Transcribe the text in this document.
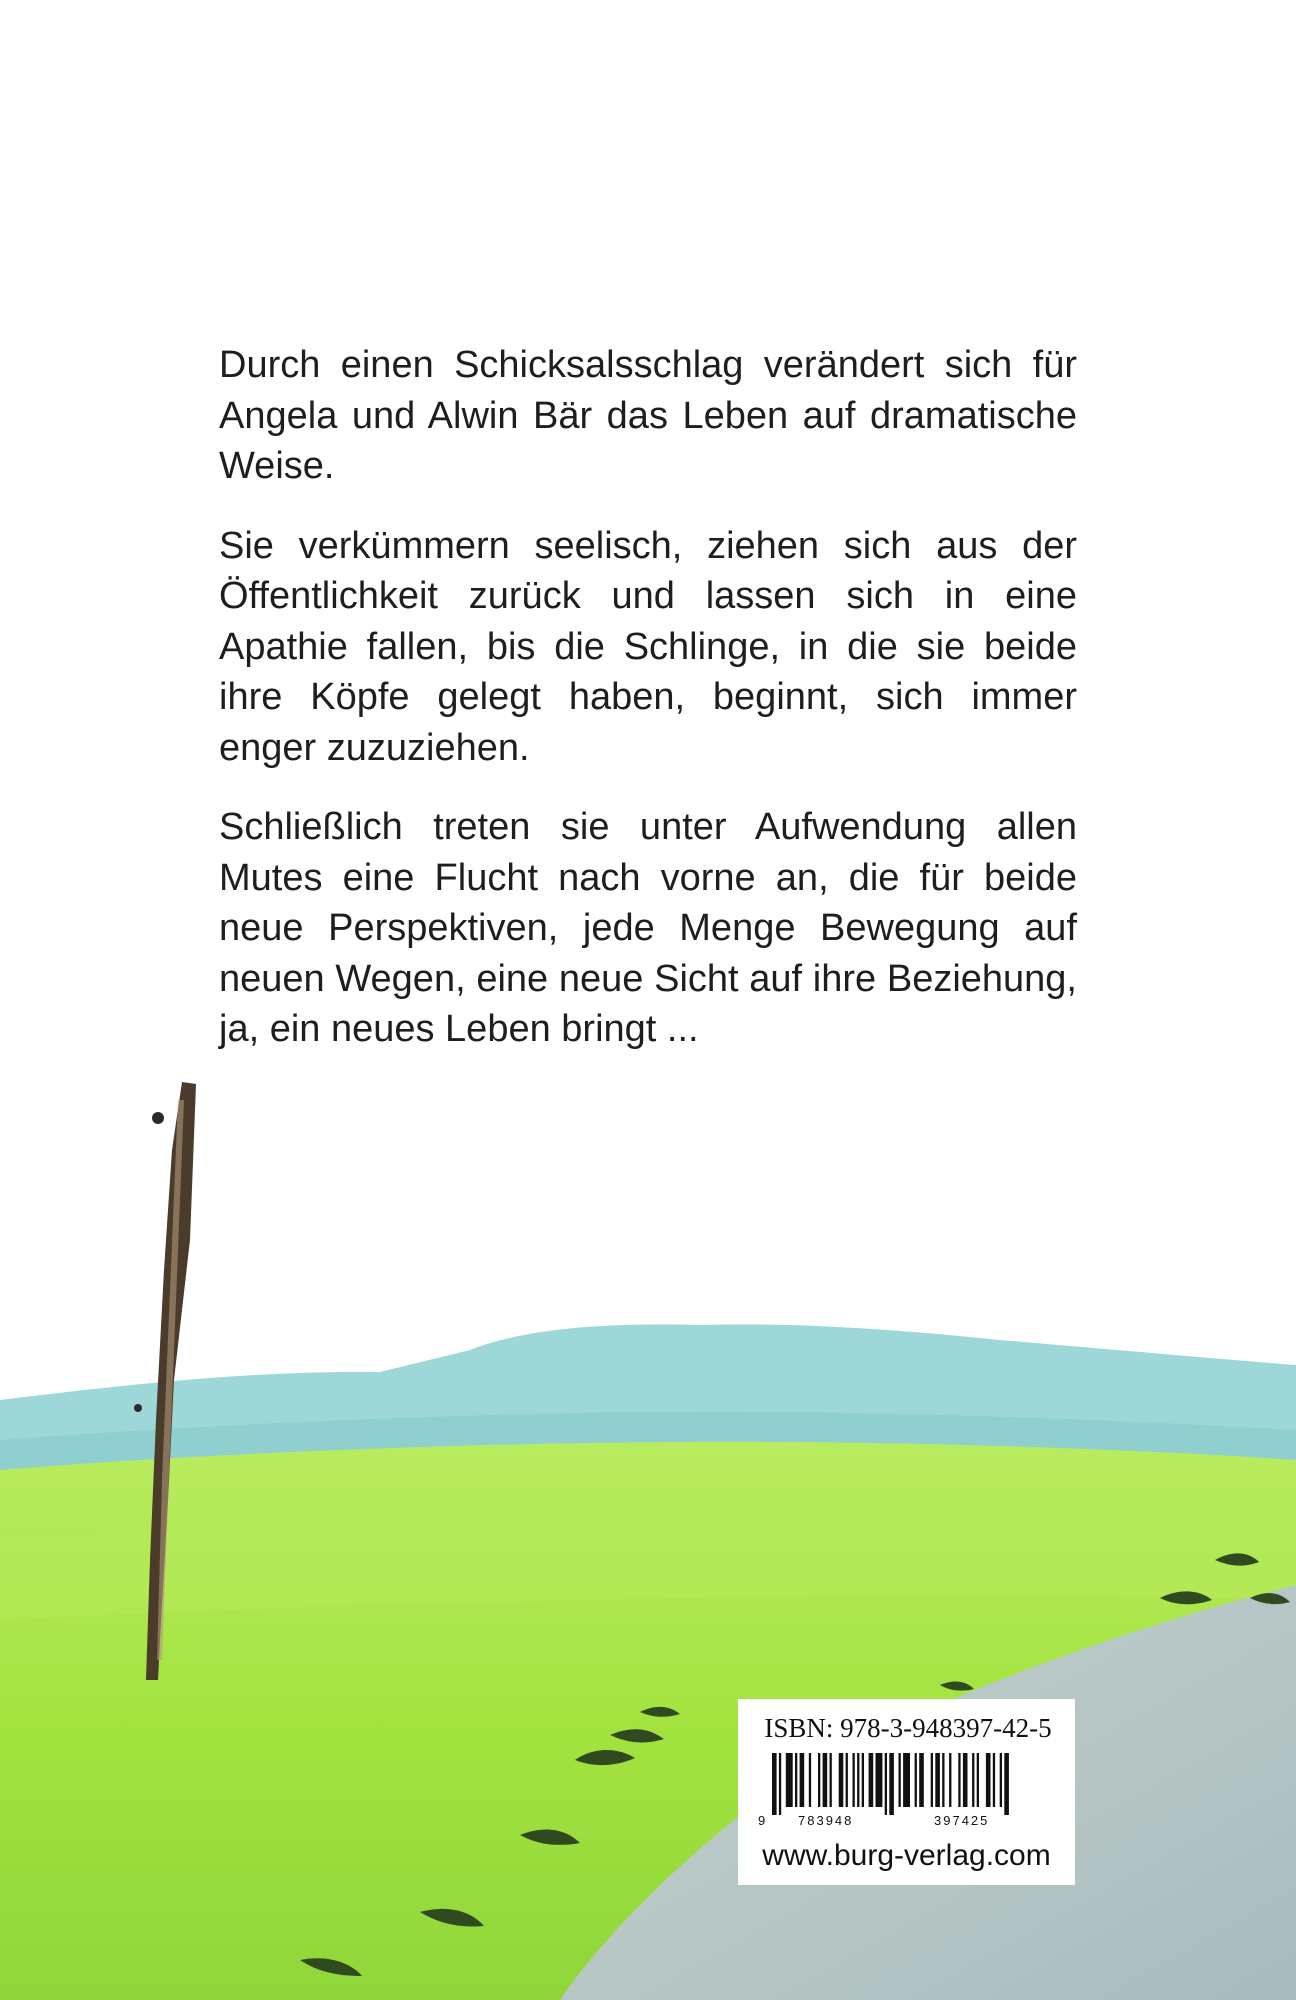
Durch einen Schicksalsschlag verändert sich für Angela und Alwin Bär das Leben auf dramatische Weise.

Sie verkümmern seelisch, ziehen sich aus der Öffentlichkeit zurück und lassen sich in eine Apathie fallen, bis die Schlinge, in die sie beide ihre Köpfe gelegt haben, beginnt, sich immer enger zuzuziehen.

Schließlich treten sie unter Aufwendung allen Mutes eine Flucht nach vorne an, die für beide neue Perspektiven, jede Menge Bewegung auf neuen Wegen, eine neue Sicht auf ihre Beziehung, ja, ein neues Leben bringt ...

ISBN: 978-3-948397-42-5
9 783948	397425
www.burg-verlag.com
